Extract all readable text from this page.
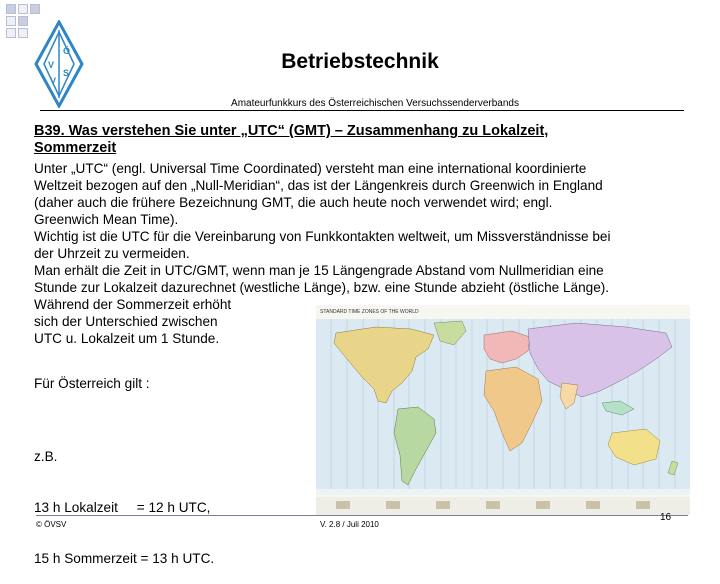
Ö
V
S
V
Betriebstechnik
Amateurfunkkurs des Österreichischen Versuchssenderverbands
B39. Was verstehen Sie unter „UTC“ (GMT) – Zusammenhang zu Lokalzeit,
Sommerzeit

Unter „UTC“ (engl. Universal Time Coordinated) versteht man eine international koordinierte

Weltzeit bezogen auf den „Null-Meridian“, das ist der Längenkreis durch Greenwich in England

(daher auch die frühere Bezeichnung GMT, die auch heute noch verwendet wird; engl.

Greenwich Mean Time).

Wichtig ist die UTC für die Vereinbarung von Funkkontakten weltweit, um Missverständnisse bei

der Uhrzeit zu vermeiden.

Man erhält die Zeit in UTC/GMT, wenn man je 15 Längengrade Abstand vom Nullmeridian eine

Stunde zur Lokalzeit dazurechnet (westliche Länge), bzw. eine Stunde abzieht (östliche Länge).

Während der Sommerzeit erhöht

sich der Unterschied zwischen

UTC u. Lokalzeit um 1 Stunde.

STANDARD TIME ZONES OF THE WORLD
Für Österreich gilt :

z.B.

13 h Lokalzeit     = 12 h UTC,

15 h Sommerzeit = 13 h UTC.

© ÖVSV	V. 2.8 / Juli 2010
16
